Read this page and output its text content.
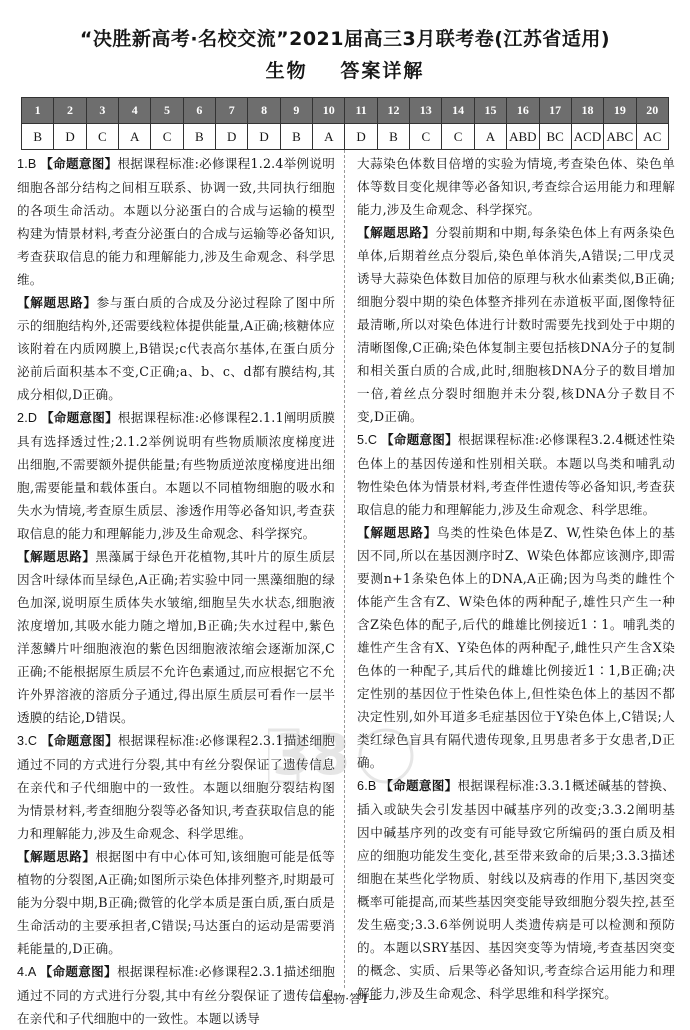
“决胜新高考·名校交流”2021届高三3月联考卷(江苏省适用)
生物 答案详解
1	2	3	4	5	6	7	8	9	10	11	12	13	14	15	16	17	18	19	20
B	D	C	A	C	B	D	D	B	A	D	B	C	C	A	ABD	BC	ACD	ABC	AC

1.B 【命题意图】根据课程标准:必修课程1.2.4举例说明细胞各部分结构之间相互联系、协调一致,共同执行细胞的各项生命活动。本题以分泌蛋白的合成与运输的模型构建为情景材料,考查分泌蛋白的合成与运输等必备知识,考查获取信息的能力和理解能力,涉及生命观念、科学思维。

【解题思路】参与蛋白质的合成及分泌过程除了图中所示的细胞结构外,还需要线粒体提供能量,A正确;核糖体应该附着在内质网膜上,B错误;c代表高尔基体,在蛋白质分泌前后面积基本不变,C正确;a、b、c、d都有膜结构,其成分相似,D正确。

2.D 【命题意图】根据课程标准:必修课程2.1.1阐明质膜具有选择透过性;2.1.2举例说明有些物质顺浓度梯度进出细胞,不需要额外提供能量;有些物质逆浓度梯度进出细胞,需要能量和载体蛋白。本题以不同植物细胞的吸水和失水为情境,考查原生质层、渗透作用等必备知识,考查获取信息的能力和理解能力,涉及生命观念、科学探究。

【解题思路】黑藻属于绿色开花植物,其叶片的原生质层因含叶绿体而呈绿色,A正确;若实验中同一黑藻细胞的绿色加深,说明原生质体失水皱缩,细胞呈失水状态,细胞液浓度增加,其吸水能力随之增加,B正确;失水过程中,紫色洋葱鳞片叶细胞液泡的紫色因细胞液浓缩会逐渐加深,C正确;不能根据原生质层不允许色素通过,而应根据它不允许外界溶液的溶质分子通过,得出原生质层可看作一层半透膜的结论,D错误。

3.C 【命题意图】根据课程标准:必修课程2.3.1描述细胞通过不同的方式进行分裂,其中有丝分裂保证了遗传信息在亲代和子代细胞中的一致性。本题以细胞分裂结构图为情景材料,考查细胞分裂等必备知识,考查获取信息的能力和理解能力,涉及生命观念、科学思维。

【解题思路】根据图中有中心体可知,该细胞可能是低等植物的分裂图,A正确;如图所示染色体排列整齐,时期最可能为分裂中期,B正确;微管的化学本质是蛋白质,蛋白质是生命活动的主要承担者,C错误;马达蛋白的运动是需要消耗能量的,D正确。

4.A 【命题意图】根据课程标准:必修课程2.3.1描述细胞通过不同的方式进行分裂,其中有丝分裂保证了遗传信息在亲代和子代细胞中的一致性。本题以诱导

大蒜染色体数目倍增的实验为情境,考查染色体、染色单体等数目变化规律等必备知识,考查综合运用能力和理解能力,涉及生命观念、科学探究。

【解题思路】分裂前期和中期,每条染色体上有两条染色单体,后期着丝点分裂后,染色单体消失,A错误;二甲戊灵诱导大蒜染色体数目加倍的原理与秋水仙素类似,B正确;细胞分裂中期的染色体整齐排列在赤道板平面,图像特征最清晰,所以对染色体进行计数时需要先找到处于中期的清晰图像,C正确;染色体复制主要包括核DNA分子的复制和相关蛋白质的合成,此时,细胞核DNA分子的数目增加一倍,着丝点分裂时细胞并未分裂,核DNA分子数目不变,D正确。

5.C 【命题意图】根据课程标准:必修课程3.2.4概述性染色体上的基因传递和性别相关联。本题以鸟类和哺乳动物性染色体为情景材料,考查伴性遗传等必备知识,考查获取信息的能力和理解能力,涉及生命观念、科学思维。

【解题思路】鸟类的性染色体是Z、W,性染色体上的基因不同,所以在基因测序时Z、W染色体都应该测序,即需要测n+1条染色体上的DNA,A正确;因为鸟类的雌性个体能产生含有Z、W染色体的两种配子,雄性只产生一种含Z染色体的配子,后代的雌雄比例接近1∶1。哺乳类的雄性产生含有X、Y染色体的两种配子,雌性只产生含X染色体的一种配子,其后代的雌雄比例接近1∶1,B正确;决定性别的基因位于性染色体上,但性染色体上的基因不都决定性别,如外耳道多毛症基因位于Y染色体上,C错误;人类红绿色盲具有隔代遗传现象,且男患者多于女患者,D正确。

6.B 【命题意图】根据课程标准:3.3.1概述碱基的替换、插入或缺失会引发基因中碱基序列的改变;3.3.2阐明基因中碱基序列的改变有可能导致它所编码的蛋白质及相应的细胞功能发生变化,甚至带来致命的后果;3.3.3描述细胞在某些化学物质、射线以及病毒的作用下,基因突变概率可能提高,而某些基因突变能导致细胞分裂失控,甚至发生癌变;3.3.6举例说明人类遗传病是可以检测和预防的。本题以SRY基因、基因突变等为情境,考查基因突变的概念、实质、后果等必备知识,考查综合运用能力和理解能力,涉及生命观念、科学思维和科学探究。

38
—生物·答1—
